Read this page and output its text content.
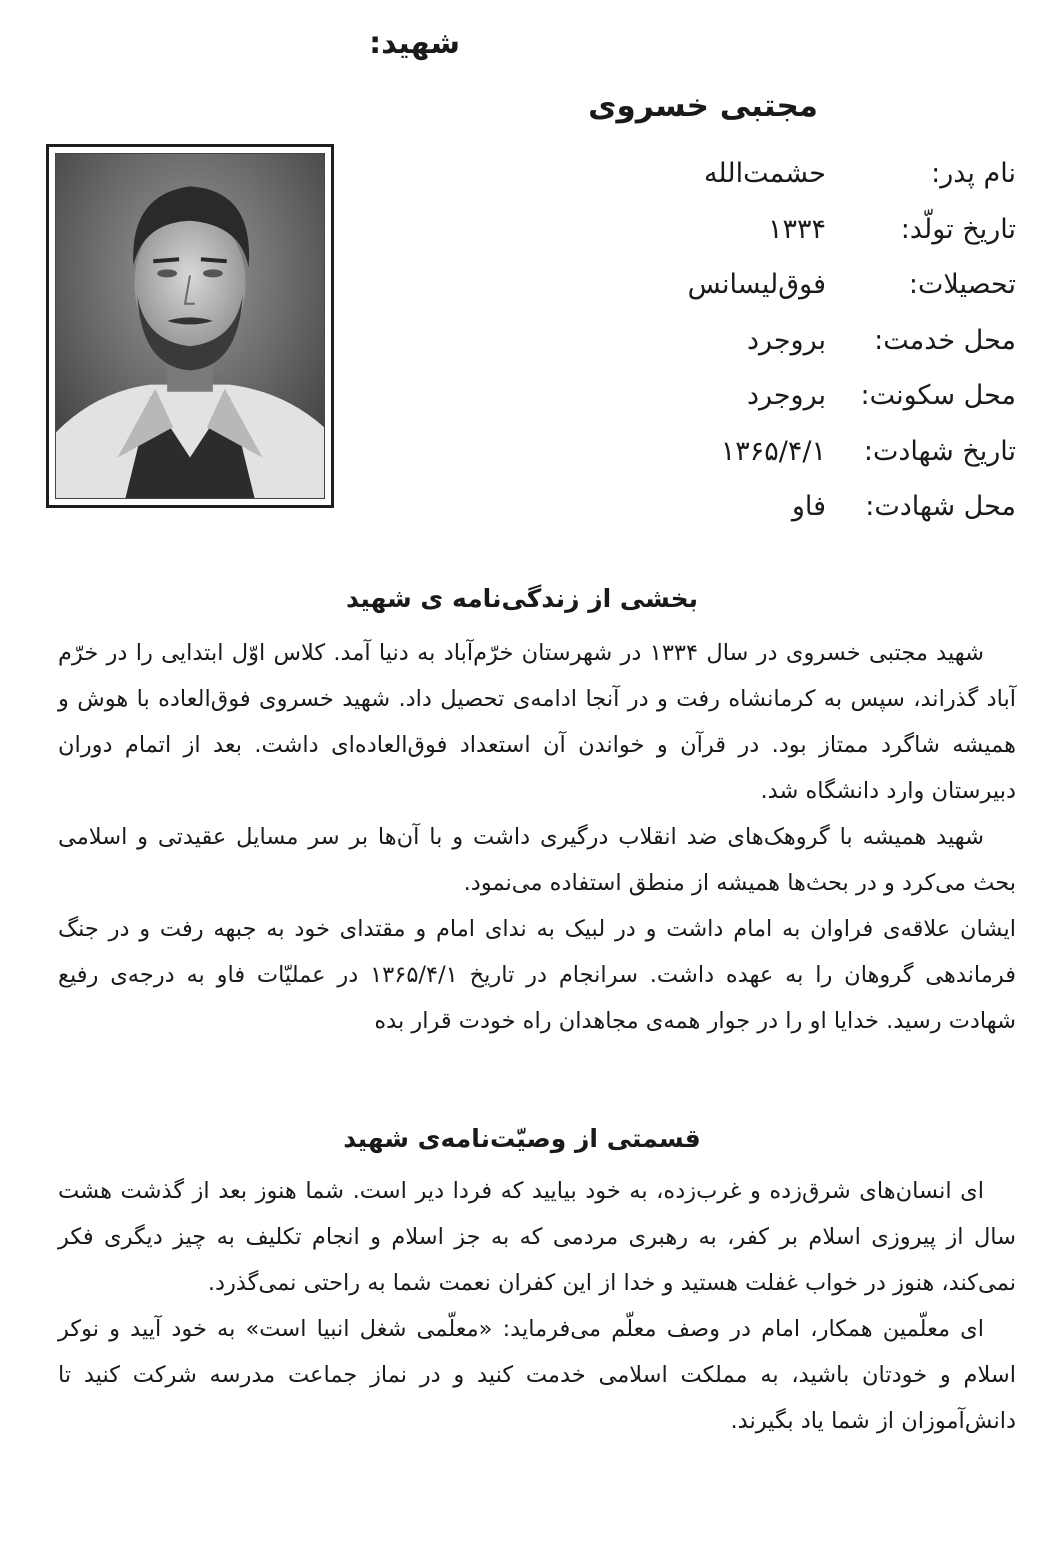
شهید:
مجتبی خسروی
نام پدر:
حشمت‌الله
تاریخ تولّد:
۱۳۳۴
تحصیلات:
فوق‌لیسانس
محل خدمت:
بروجرد
محل سکونت:
بروجرد
تاریخ شهادت:
۱۳۶۵/۴/۱
محل شهادت:
فاو
بخشی از زندگی‌نامه ی شهید

شهید مجتبی خسروی در سال ۱۳۳۴ در شهرستان خرّم‌آباد به دنیا آمد. کلاس اوّل ابتدایی را در خرّم آباد گذراند، سپس به کرمانشاه رفت و در آنجا ادامه‌ی تحصیل داد. شهید خسروی فوق‌العاده با هوش و همیشه شاگرد ممتاز بود. در قرآن و خواندن آن استعداد فوق‌العاده‌ای داشت. بعد از اتمام دوران دبیرستان وارد دانشگاه شد.

شهید همیشه با گروهک‌های ضد انقلاب درگیری داشت و با آن‌ها بر سر مسایل عقیدتی و اسلامی بحث می‌کرد و در بحث‌ها همیشه از منطق استفاده می‌نمود.

ایشان علاقه‌ی فراوان به امام داشت و در لبیک به ندای امام و مقتدای خود به جبهه رفت و در جنگ فرماندهی گروهان را به عهده داشت. سرانجام در تاریخ ۱۳۶۵/۴/۱ در عملیّات فاو به درجه‌ی رفیع شهادت رسید. خدایا او را در جوار همه‌ی مجاهدان راه خودت قرار بده

قسمتی از وصیّت‌نامه‌ی شهید

ای انسان‌های شرق‌زده و غرب‌زده، به خود بیایید که فردا دیر است. شما هنوز بعد از گذشت هشت سال از پیروزی اسلام بر کفر، به رهبری مردمی که به جز اسلام و انجام تکلیف به چیز دیگری فکر نمی‌کند، هنوز در خواب غفلت هستید و خدا از این کفران نعمت شما به راحتی نمی‌گذرد.

ای معلّمین همکار، امام در وصف معلّم می‌فرماید: «معلّمی شغل انبیا است» به خود آیید و نوکر اسلام و خودتان باشید، به مملکت اسلامی خدمت کنید و در نماز جماعت مدرسه شرکت کنید تا دانش‌آموزان از شما یاد بگیرند.
